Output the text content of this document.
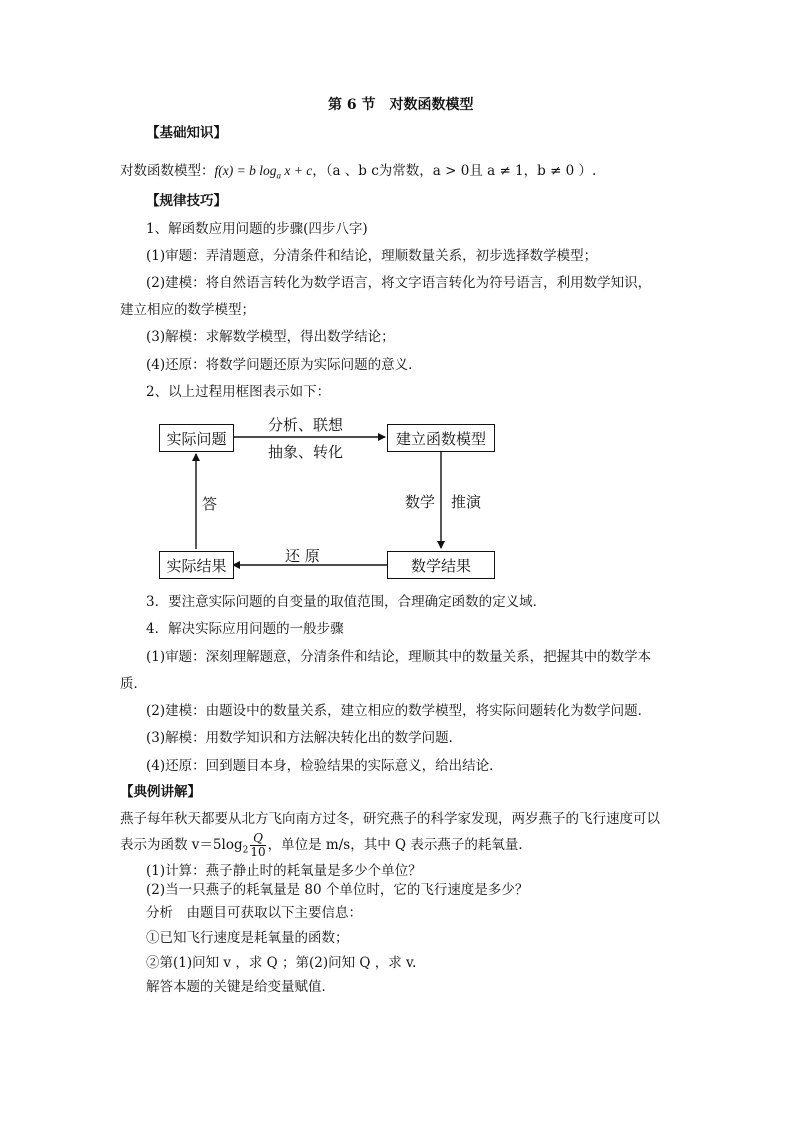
第 6 节　对数函数模型
【基础知识】
对数函数模型：f(x) = b $\log_a x + c$，（a 、b c为常数，a > 0且 a ≠ 1，b ≠ 0 ）.
【规律技巧】
1、解函数应用问题的步骤(四步八字)
(1)审题：弄清题意，分清条件和结论，理顺数量关系，初步选择数学模型；
(2)建模：将自然语言转化为数学语言，将文字语言转化为符号语言，利用数学知识，
建立相应的数学模型；
(3)解模：求解数学模型，得出数学结论；
(4)还原：将数学问题还原为实际问题的意义．
2、以上过程用框图表示如下：
实际问题	建立函数模型
实际结果	数学结果
分析、联想
抽象、转化
数学 推演
还 原
答
3．要注意实际问题的自变量的取值范围，合理确定函数的定义域．
4．解决实际应用问题的一般步骤
(1)审题：深刻理解题意，分清条件和结论，理顺其中的数量关系，把握其中的数学本
质．
(2)建模：由题设中的数量关系，建立相应的数学模型，将实际问题转化为数学问题．
(3)解模：用数学知识和方法解决转化出的数学问题．
(4)还原：回到题目本身，检验结果的实际意义，给出结论．
【典例讲解】
燕子每年秋天都要从北方飞向南方过冬，研究燕子的科学家发现，两岁燕子的飞行速度可以
表示为函数 $v=5\log_2 \frac{Q}{10}$ ，单位是 m/s，其中 Q 表示燕子的耗氧量．
(1)计算：燕子静止时的耗氧量是多少个单位？
(2)当一只燕子的耗氧量是 80 个单位时，它的飞行速度是多少？
分析　由题目可获取以下主要信息：
①已知飞行速度是耗氧量的函数；
②第(1)问知 v ，求 Q ；第(2)问知 Q ，求 v.
解答本题的关键是给变量赋值．
